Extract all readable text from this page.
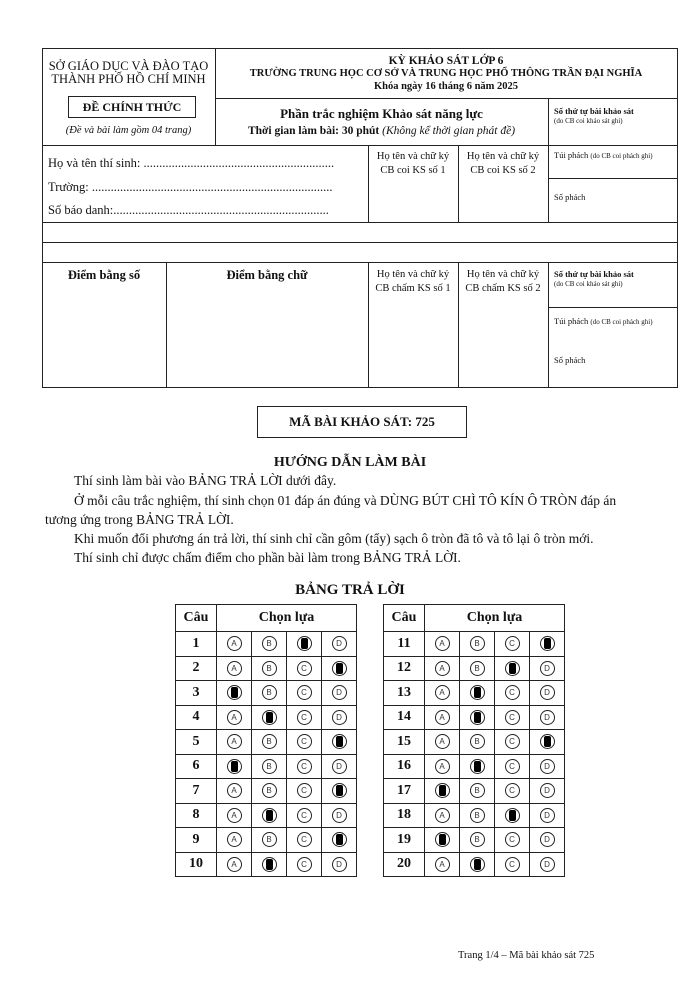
SỞ GIÁO DỤC VÀ ĐÀO TẠO
THÀNH PHỐ HỒ CHÍ MINH
ĐỀ CHÍNH THỨC
(Đề và bài làm gồm 04 trang)
KỲ KHẢO SÁT LỚP 6
TRƯỜNG TRUNG HỌC CƠ SỞ VÀ TRUNG HỌC PHỔ THÔNG TRẦN ĐẠI NGHĨA
Khóa ngày 16 tháng 6 năm 2025
Phần trắc nghiệm Khảo sát năng lực
Thời gian làm bài: 30 phút (Không kể thời gian phát đề)
Số thứ tự bài khảo sát
(do CB coi khảo sát ghi)
Họ và tên thí sinh: .............................................................
Trường: .............................................................................
Số báo danh:.....................................................................
Họ tên và chữ ký
CB coi KS số 1
Họ tên và chữ ký
CB coi KS số 2
Túi phách (do CB coi phách ghi)
Số phách
Điểm bằng số	Điểm bằng chữ	Họ tên và chữ ký
CB chấm KS số 1
Họ tên và chữ ký
CB chấm KS số 2
Số thứ tự bài khảo sát
(do CB coi khảo sát ghi)
Túi phách (do CB coi phách ghi)
Số phách
MÃ BÀI KHẢO SÁT: 725
HƯỚNG DẪN LÀM BÀI
Thí sinh làm bài vào BẢNG TRẢ LỜI dưới đây.
Ở mỗi câu trắc nghiệm, thí sinh chọn 01 đáp án đúng và DÙNG BÚT CHÌ TÔ KÍN Ô TRÒN đáp án
tương ứng trong BẢNG TRẢ LỜI.
Khi muốn đổi phương án trả lời, thí sinh chỉ cần gôm (tẩy) sạch ô tròn đã tô và tô lại ô tròn mới.
Thí sinh chỉ được chấm điểm cho phần bài làm trong BẢNG TRẢ LỜI.
BẢNG TRẢ LỜI
Câu	Chọn lựa			
1	A	B		D
2	A	B	C	
3		B	C	D
4	A		C	D
5	A	B	C	
6		B	C	D
7	A	B	C	
8	A		C	D
9	A	B	C	
10	A		C	D
Câu	Chọn lựa			
11	A	B	C	
12	A	B		D
13	A		C	D
14	A		C	D
15	A	B	C	
16	A		C	D
17		B	C	D
18	A	B		D
19		B	C	D
20	A		C	D
Trang 1/4 – Mã bài khảo sát 725
